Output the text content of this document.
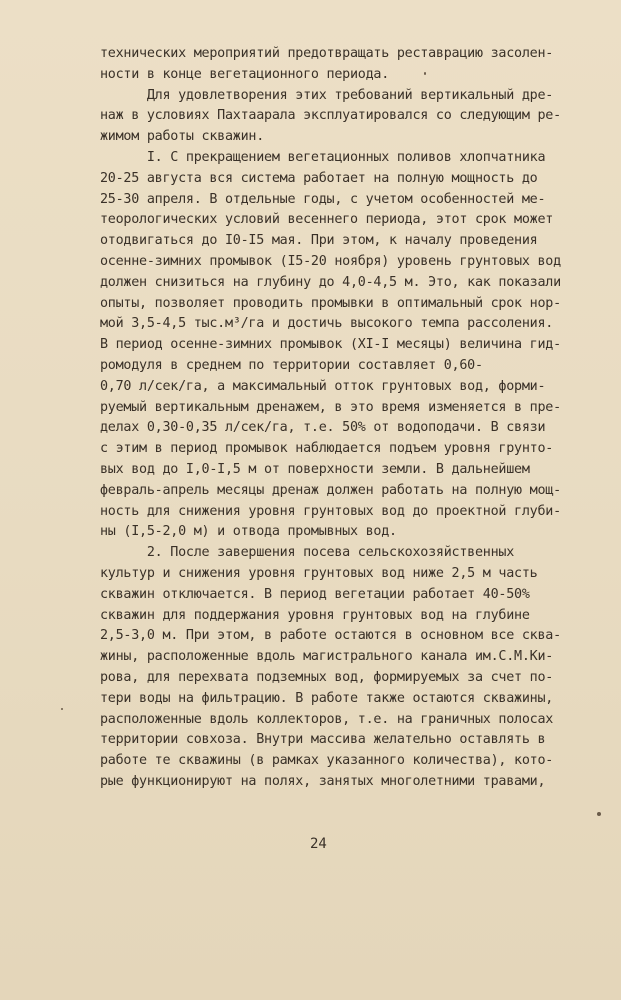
технических мероприятий предотвращать реставрацию засолен-
ности в конце вегетационного периода.
Для удовлетворения этих требований вертикальный дре-
наж в условиях Пахтаарала эксплуатировался со следующим ре-
жимом работы скважин.
I. С прекращением вегетационных поливов хлопчатника
20-25 августа вся система работает на полную мощность до
25-30 апреля. В отдельные годы, с учетом особенностей ме-
теорологических условий весеннего периода, этот срок может
отодвигаться до I0-I5 мая. При этом, к началу проведения
осенне-зимних промывок (I5-20 ноября) уровень грунтовых вод
должен снизиться на глубину до 4,0-4,5 м. Это, как показали
опыты, позволяет проводить промывки в оптимальный срок нор-
мой 3,5-4,5 тыс.м³/га и достичь высокого темпа рассоления.
В период осенне-зимних промывок (XI-I месяцы) величина гид-
ромодуля в среднем по территории составляет 0,60-
0,70 л/сек/га, а максимальный отток грунтовых вод, форми-
руемый вертикальным дренажем, в это время изменяется в пре-
делах 0,30-0,35 л/сек/га, т.е. 50% от водоподачи. В связи
с этим в период промывок наблюдается подъем уровня грунто-
вых вод до I,0-I,5 м от поверхности земли. В дальнейшем
февраль-апрель месяцы дренаж должен работать на полную мощ-
ность для снижения уровня грунтовых вод до проектной глуби-
ны (I,5-2,0 м) и отвода промывных вод.
2. После завершения посева сельскохозяйственных
культур и снижения уровня грунтовых вод ниже 2,5 м часть
скважин отключается. В период вегетации работает 40-50%
скважин для поддержания уровня грунтовых вод на глубине
2,5-3,0 м. При этом, в работе остаются в основном все сква-
жины, расположенные вдоль магистрального канала им.С.М.Ки-
рова, для перехвата подземных вод, формируемых за счет по-
тери воды на фильтрацию. В работе также остаются скважины,
расположенные вдоль коллекторов, т.е. на граничных полосах
территории совхоза. Внутри массива желательно оставлять в
работе те скважины (в рамках указанного количества), кото-
рые функционируют на полях, занятых многолетними травами,
24
